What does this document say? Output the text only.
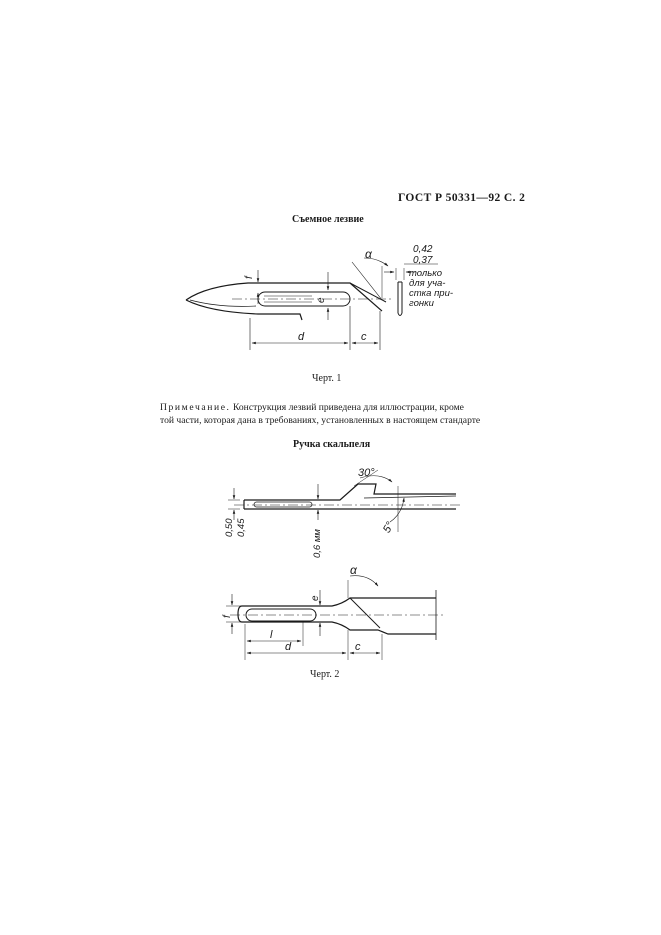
ГОСТ Р 50331—92 С. 2
Съемное лезвие
α
f
e
d	c
0,42
0,37
только
для уча-
стка при-
гонки
30°
5°
0,50 0,45
0,6 мм
α
e
f
l
d	c
Черт. 1
Примечание. Конструкция лезвий приведена для иллюстрации, кроме
той части, которая дана в требованиях, установленных в настоящем стандарте
Ручка скальпеля
Черт. 2
